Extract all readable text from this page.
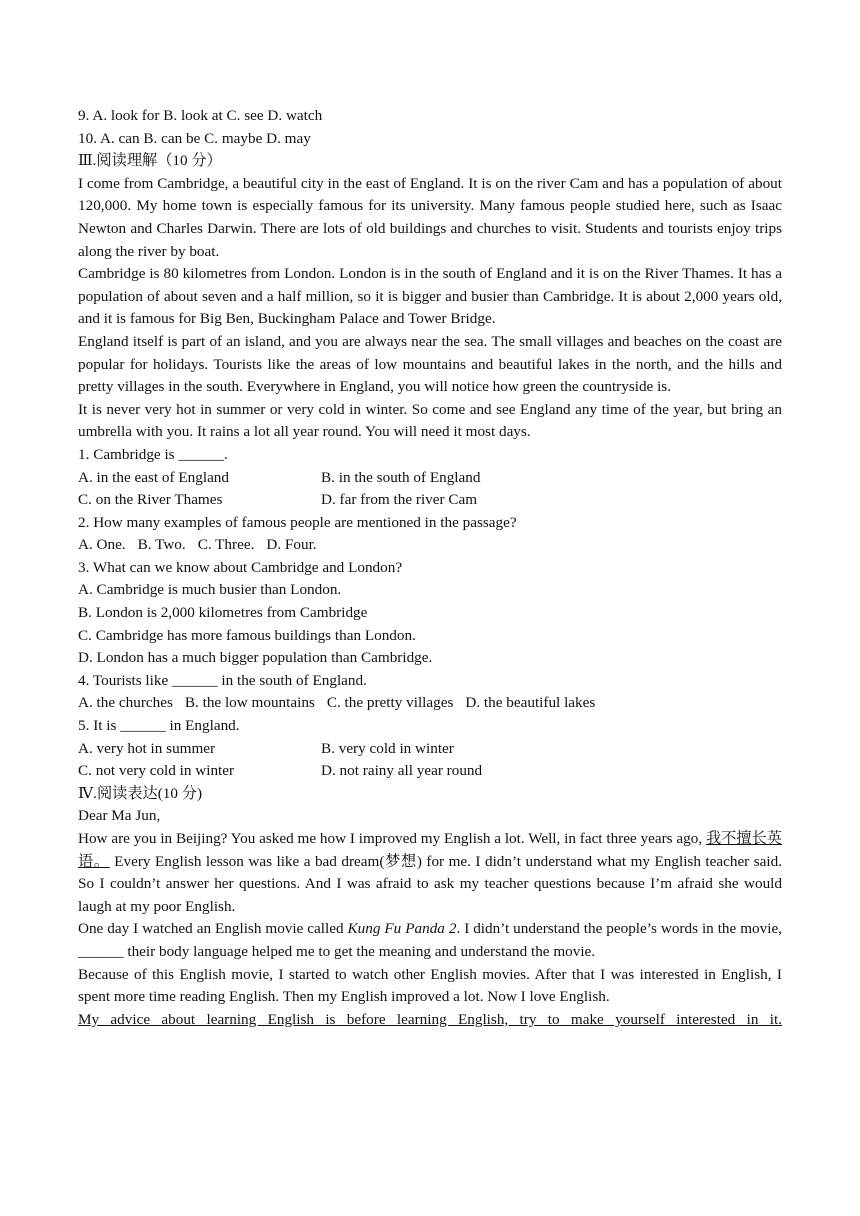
9. A. look for B. look at C. see D. watch
10. A. can B. can be C. maybe D. may
Ⅲ.阅读理解（10 分）
I come from Cambridge, a beautiful city in the east of England. It is on the river Cam and has a population of about 120,000. My home town is especially famous for its university. Many famous people studied here, such as Isaac Newton and Charles Darwin. There are lots of old buildings and churches to visit. Students and tourists enjoy trips along the river by boat.
Cambridge is 80 kilometres from London. London is in the south of England and it is on the River Thames. It has a population of about seven and a half million, so it is bigger and busier than Cambridge. It is about 2,000 years old, and it is famous for Big Ben, Buckingham Palace and Tower Bridge.
England itself is part of an island, and you are always near the sea. The small villages and beaches on the coast are popular for holidays. Tourists like the areas of low mountains and beautiful lakes in the north, and the hills and pretty villages in the south. Everywhere in England, you will notice how green the countryside is.
It is never very hot in summer or very cold in winter. So come and see England any time of the year, but bring an umbrella with you. It rains a lot all year round. You will need it most days.
1. Cambridge is ______.
A. in the east of England	B. in the south of England
C. on the River Thames	D. far from the river Cam
2. How many examples of famous people are mentioned in the passage?
A. One. B. Two. C. Three. D. Four.
3. What can we know about Cambridge and London?
A. Cambridge is much busier than London.
B. London is 2,000 kilometres from Cambridge
C. Cambridge has more famous buildings than London.
D. London has a much bigger population than Cambridge.
4. Tourists like ______ in the south of England.
A. the churches B. the low mountains C. the pretty villages D. the beautiful lakes
5. It is ______ in England.
A. very hot in summer	B. very cold in winter
C. not very cold in winter	D. not rainy all year round
Ⅳ.阅读表达(10 分)
Dear Ma Jun,
How are you in Beijing? You asked me how I improved my English a lot. Well, in fact three years ago, 我不擅长英语。 Every English lesson was like a bad dream(梦想) for me. I didn’t understand what my English teacher said. So I couldn’t answer her questions. And I was afraid to ask my teacher questions because I’m afraid she would laugh at my poor English.
One day I watched an English movie called Kung Fu Panda 2. I didn’t understand the people’s words in the movie, ______ their body language helped me to get the meaning and understand the movie.
Because of this English movie, I started to watch other English movies. After that I was interested in English, I spent more time reading English. Then my English improved a lot. Now I love English.
My advice about learning English is before learning English, try to make yourself interested in it.
